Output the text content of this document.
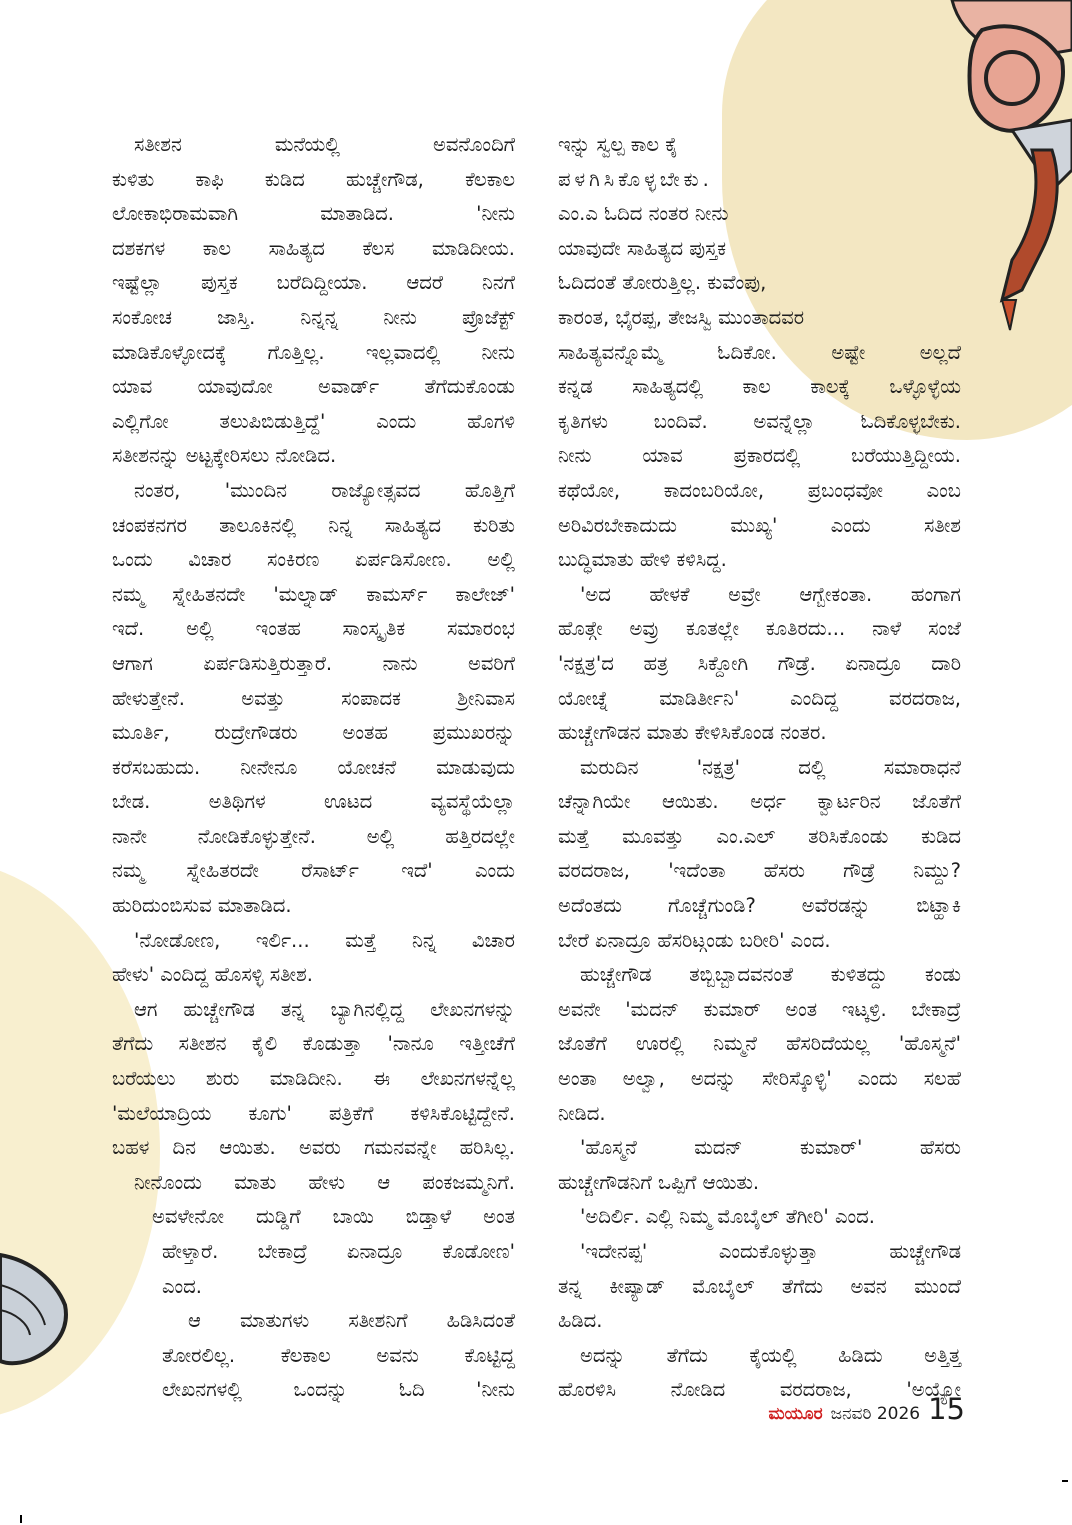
ಸತೀಶನ ಮನೆಯಲ್ಲಿ ಅವನೊಂದಿಗೆ

ಕುಳಿತು ಕಾಫಿ ಕುಡಿದ ಹುಚ್ಚೇಗೌಡ, ಕೆಲಕಾಲ

ಲೋಕಾಭಿರಾಮವಾಗಿ ಮಾತಾಡಿದ. 'ನೀನು

ದಶಕಗಳ ಕಾಲ ಸಾಹಿತ್ಯದ ಕೆಲಸ ಮಾಡಿದೀಯ.

ಇಷ್ಟೆಲ್ಲಾ ಪುಸ್ತಕ ಬರೆದಿದ್ದೀಯಾ. ಆದರೆ ನಿನಗೆ

ಸಂಕೋಚ ಜಾಸ್ತಿ. ನಿನ್ನನ್ನ ನೀನು ಪ್ರೊಜೆಕ್ಟ್

ಮಾಡಿಕೊಳ್ಳೋದಕ್ಕೆ ಗೊತ್ತಿಲ್ಲ. ಇಲ್ಲವಾದಲ್ಲಿ ನೀನು

ಯಾವ ಯಾವುದೋ ಅವಾರ್ಡ್ ತೆಗೆದುಕೊಂಡು

ಎಲ್ಲಿಗೋ ತಲುಪಿಬಿಡುತ್ತಿದ್ದೆ' ಎಂದು ಹೊಗಳಿ

ಸತೀಶನನ್ನು ಅಟ್ಟಕ್ಕೇರಿಸಲು ನೋಡಿದ.

ನಂತರ, 'ಮುಂದಿನ ರಾಜ್ಯೋತ್ಸವದ ಹೊತ್ತಿಗೆ

ಚಂಪಕನಗರ ತಾಲೂಕಿನಲ್ಲಿ ನಿನ್ನ ಸಾಹಿತ್ಯದ ಕುರಿತು

ಒಂದು ವಿಚಾರ ಸಂಕಿರಣ ಏರ್ಪಡಿಸೋಣ. ಅಲ್ಲಿ

ನಮ್ಮ ಸ್ನೇಹಿತನದೇ 'ಮಲ್ನಾಡ್ ಕಾಮರ್ಸ್ ಕಾಲೇಜ್'

ಇದೆ. ಅಲ್ಲಿ ಇಂತಹ ಸಾಂಸ್ಕೃತಿಕ ಸಮಾರಂಭ

ಆಗಾಗ ಏರ್ಪಡಿಸುತ್ತಿರುತ್ತಾರೆ. ನಾನು ಅವರಿಗೆ

ಹೇಳುತ್ತೇನೆ. ಅವತ್ತು ಸಂಪಾದಕ ಶ್ರೀನಿವಾಸ

ಮೂರ್ತಿ, ರುದ್ರೇಗೌಡರು ಅಂತಹ ಪ್ರಮುಖರನ್ನು

ಕರೆಸಬಹುದು. ನೀನೇನೂ ಯೋಚನೆ ಮಾಡುವುದು

ಬೇಡ. ಅತಿಥಿಗಳ ಊಟದ ವ್ಯವಸ್ಥೆಯೆಲ್ಲಾ

ನಾನೇ ನೋಡಿಕೊಳ್ಳುತ್ತೇನೆ. ಅಲ್ಲಿ ಹತ್ತಿರದಲ್ಲೇ

ನಮ್ಮ ಸ್ನೇಹಿತರದೇ ರೆಸಾರ್ಟ್ ಇದೆ' ಎಂದು

ಹುರಿದುಂಬಿಸುವ ಮಾತಾಡಿದ.

'ನೋಡೋಣ, ಇರ್ಲಿ... ಮತ್ತೆ ನಿನ್ನ ವಿಚಾರ

ಹೇಳು' ಎಂದಿದ್ದ ಹೊಸಳ್ಳಿ ಸತೀಶ.

ಆಗ ಹುಚ್ಚೇಗೌಡ ತನ್ನ ಬ್ಯಾಗಿನಲ್ಲಿದ್ದ ಲೇಖನಗಳನ್ನು

ತೆಗೆದು ಸತೀಶನ ಕೈಲಿ ಕೊಡುತ್ತಾ 'ನಾನೂ ಇತ್ತೀಚೆಗೆ

ಬರೆಯಲು ಶುರು ಮಾಡಿದೀನಿ. ಈ ಲೇಖನಗಳನ್ನೆಲ್ಲ

'ಮಲೆಯಾದ್ರಿಯ ಕೂಗು' ಪತ್ರಿಕೆಗೆ ಕಳಿಸಿಕೊಟ್ಟಿದ್ದೇನೆ.

ಬಹಳ ದಿನ ಆಯಿತು. ಅವರು ಗಮನವನ್ನೇ ಹರಿಸಿಲ್ಲ.

ನೀನೊಂದು ಮಾತು ಹೇಳು ಆ ಪಂಕಜಮ್ಮನಿಗೆ.

ಅವಳೇನೋ ದುಡ್ಡಿಗೆ ಬಾಯಿ ಬಿಡ್ತಾಳೆ ಅಂತ

ಹೇಳ್ತಾರೆ. ಬೇಕಾದ್ರೆ ಏನಾದ್ರೂ ಕೊಡೋಣ'

ಎಂದ.

ಆ ಮಾತುಗಳು ಸತೀಶನಿಗೆ ಹಿಡಿಸಿದಂತೆ

ತೋರಲಿಲ್ಲ. ಕೆಲಕಾಲ ಅವನು ಕೊಟ್ಟಿದ್ದ

ಲೇಖನಗಳಲ್ಲಿ ಒಂದನ್ನು ಓದಿ 'ನೀನು

ಇನ್ನು ಸ್ವಲ್ಪ ಕಾಲ ಕೈ

ಪಳಗಿಸಿಕೊಳ್ಳಬೇಕು.

ಎಂ.ಎ ಓದಿದ ನಂತರ ನೀನು

ಯಾವುದೇ ಸಾಹಿತ್ಯದ ಪುಸ್ತಕ

ಓದಿದಂತೆ ತೋರುತ್ತಿಲ್ಲ. ಕುವೆಂಪು,

ಕಾರಂತ, ಭೈರಪ್ಪ, ತೇಜಸ್ವಿ ಮುಂತಾದವರ

ಸಾಹಿತ್ಯವನ್ನೊಮ್ಮೆ ಓದಿಕೋ. ಅಷ್ಟೇ ಅಲ್ಲದೆ

ಕನ್ನಡ ಸಾಹಿತ್ಯದಲ್ಲಿ ಕಾಲ ಕಾಲಕ್ಕೆ ಒಳ್ಳೊಳ್ಳೆಯ

ಕೃತಿಗಳು ಬಂದಿವೆ. ಅವನ್ನೆಲ್ಲಾ ಓದಿಕೊಳ್ಳಬೇಕು.

ನೀನು ಯಾವ ಪ್ರಕಾರದಲ್ಲಿ ಬರೆಯುತ್ತಿದ್ದೀಯ.

ಕಥೆಯೋ, ಕಾದಂಬರಿಯೋ, ಪ್ರಬಂಧವೋ ಎಂಬ

ಅರಿವಿರಬೇಕಾದುದು ಮುಖ್ಯ' ಎಂದು ಸತೀಶ

ಬುದ್ಧಿಮಾತು ಹೇಳಿ ಕಳಿಸಿದ್ದ.

'ಅದ ಹೇಳಕೆ ಅವ್ರೇ ಆಗ್ಬೇಕಂತಾ. ಹಂಗಾಗ

ಹೊತ್ಗೇ ಅವ್ರು ಕೂತಲ್ಲೇ ಕೂತಿರದು... ನಾಳೆ ಸಂಜೆ

'ನಕ್ಷತ್ರ'ದ ಹತ್ರ ಸಿಕ್ದೋಗಿ ಗೌಡ್ರೆ. ಏನಾದ್ರೂ ದಾರಿ

ಯೋಚ್ನೆ ಮಾಡಿರ್ತೀನಿ' ಎಂದಿದ್ದ ವರದರಾಜ,

ಹುಚ್ಚೇಗೌಡನ ಮಾತು ಕೇಳಿಸಿಕೊಂಡ ನಂತರ.

ಮರುದಿನ 'ನಕ್ಷತ್ರ' ದಲ್ಲಿ ಸಮಾರಾಧನೆ

ಚೆನ್ನಾಗಿಯೇ ಆಯಿತು. ಅರ್ಧ ಕ್ವಾರ್ಟರಿನ ಜೊತೆಗೆ

ಮತ್ತೆ ಮೂವತ್ತು ಎಂ.ಎಲ್ ತರಿಸಿಕೊಂಡು ಕುಡಿದ

ವರದರಾಜ, 'ಇದೆಂತಾ ಹೆಸರು ಗೌಡ್ರೆ ನಿಮ್ದು?

ಅದೆಂತದು ಗೊಚ್ಚೆಗುಂಡಿ? ಅವೆರಡನ್ನು ಬಿಟ್ಹಾಕಿ

ಬೇರೆ ಏನಾದ್ರೂ ಹೆಸರಿಟ್ಗಂಡು ಬರೀರಿ' ಎಂದ.

ಹುಚ್ಚೇಗೌಡ ತಬ್ಬಿಬ್ಬಾದವನಂತೆ ಕುಳಿತದ್ದು ಕಂಡು

ಅವನೇ 'ಮದನ್ ಕುಮಾರ್ ಅಂತ ಇಟ್ಕಳ್ರಿ. ಬೇಕಾದ್ರೆ

ಜೊತೆಗೆ ಊರಲ್ಲಿ ನಿಮ್ಮನೆ ಹೆಸರಿದೆಯಲ್ಲ 'ಹೊಸ್ಮನೆ'

ಅಂತಾ ಅಲ್ವಾ, ಅದನ್ನು ಸೇರಿಸ್ಕೊಳ್ಳಿ' ಎಂದು ಸಲಹೆ

ನೀಡಿದ.

'ಹೊಸ್ಮನೆ ಮದನ್ ಕುಮಾರ್' ಹೆಸರು

ಹುಚ್ಚೇಗೌಡನಿಗೆ ಒಪ್ಪಿಗೆ ಆಯಿತು.

'ಅದಿರ್ಲಿ. ಎಲ್ಲಿ ನಿಮ್ಮ ಮೊಬೈಲ್ ತೆಗೀರಿ' ಎಂದ.

'ಇದೇನಪ್ಪ' ಎಂದುಕೊಳ್ಳುತ್ತಾ ಹುಚ್ಚೇಗೌಡ

ತನ್ನ ಕೀಪ್ಯಾಡ್ ಮೊಬೈಲ್ ತೆಗೆದು ಅವನ ಮುಂದೆ

ಹಿಡಿದ.

ಅದನ್ನು ತೆಗೆದು ಕೈಯಲ್ಲಿ ಹಿಡಿದು ಅತ್ತಿತ್ತ

ಹೊರಳಿಸಿ ನೋಡಿದ ವರದರಾಜ, 'ಅಯ್ಯೋ

ಮಯೂರ ಜನವರಿ 2026 15
